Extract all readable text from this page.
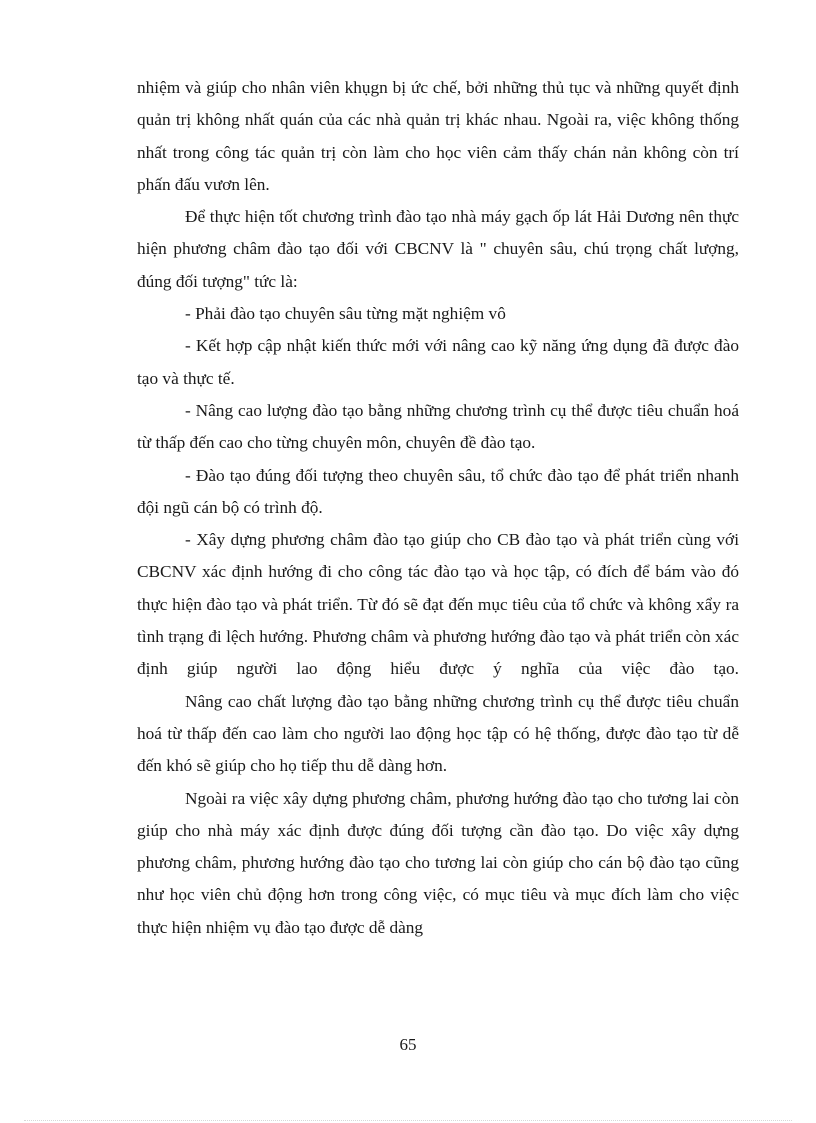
nhiệm và giúp cho nhân viên khụgn bị ức chế, bởi những thủ tục và những quyết định quản trị không nhất quán của các nhà quản trị khác nhau. Ngoài ra, việc không thống nhất trong công tác quản trị còn làm cho học viên cảm thấy chán nản không còn trí phấn đấu vươn lên.

Để thực hiện tốt chương trình đào tạo nhà máy gạch ốp lát Hải Dương nên thực hiện phương châm đào tạo đối với CBCNV là " chuyên sâu, chú trọng chất lượng, đúng đối tượng" tức là:

- Phải đào tạo chuyên sâu từng mặt nghiệm vô

- Kết hợp cập nhật kiến thức mới với nâng cao kỹ năng ứng dụng đã được đào tạo và thực tế.

- Nâng cao lượng đào tạo bằng những chương trình cụ thể được tiêu chuẩn hoá từ thấp đến cao cho từng chuyên môn, chuyên đề đào tạo.

- Đào tạo đúng đối tượng theo chuyên sâu, tổ chức đào tạo để phát triển nhanh đội ngũ cán bộ có trình độ.

- Xây dựng phương châm đào tạo giúp cho CB đào tạo và phát triển cùng với CBCNV xác định hướng đi cho công tác đào tạo và học tập, có đích để bám vào đó thực hiện đào tạo và phát triển. Từ đó sẽ đạt đến mục tiêu của tổ chức và không xẩy ra tình trạng đi lệch hướng. Phương châm và phương hướng đào tạo và phát triển còn xác định giúp người lao động hiểu được ý nghĩa của việc đào tạo.

Nâng cao chất lượng đào tạo bằng những chương trình cụ thể được tiêu chuẩn hoá từ thấp đến cao làm cho người lao động học tập có hệ thống, được đào tạo từ dễ đến khó sẽ giúp cho họ tiếp thu dễ dàng hơn.

Ngoài ra việc xây dựng phương châm, phương hướng đào tạo cho tương lai còn giúp cho nhà máy xác định được đúng đối tượng cần đào tạo. Do việc xây dựng phương châm, phương hướng đào tạo cho tương lai còn giúp cho cán bộ đào tạo cũng như học viên chủ động hơn trong công việc, có mục tiêu và mục đích làm cho việc thực hiện nhiệm vụ đào tạo được dễ dàng

65
